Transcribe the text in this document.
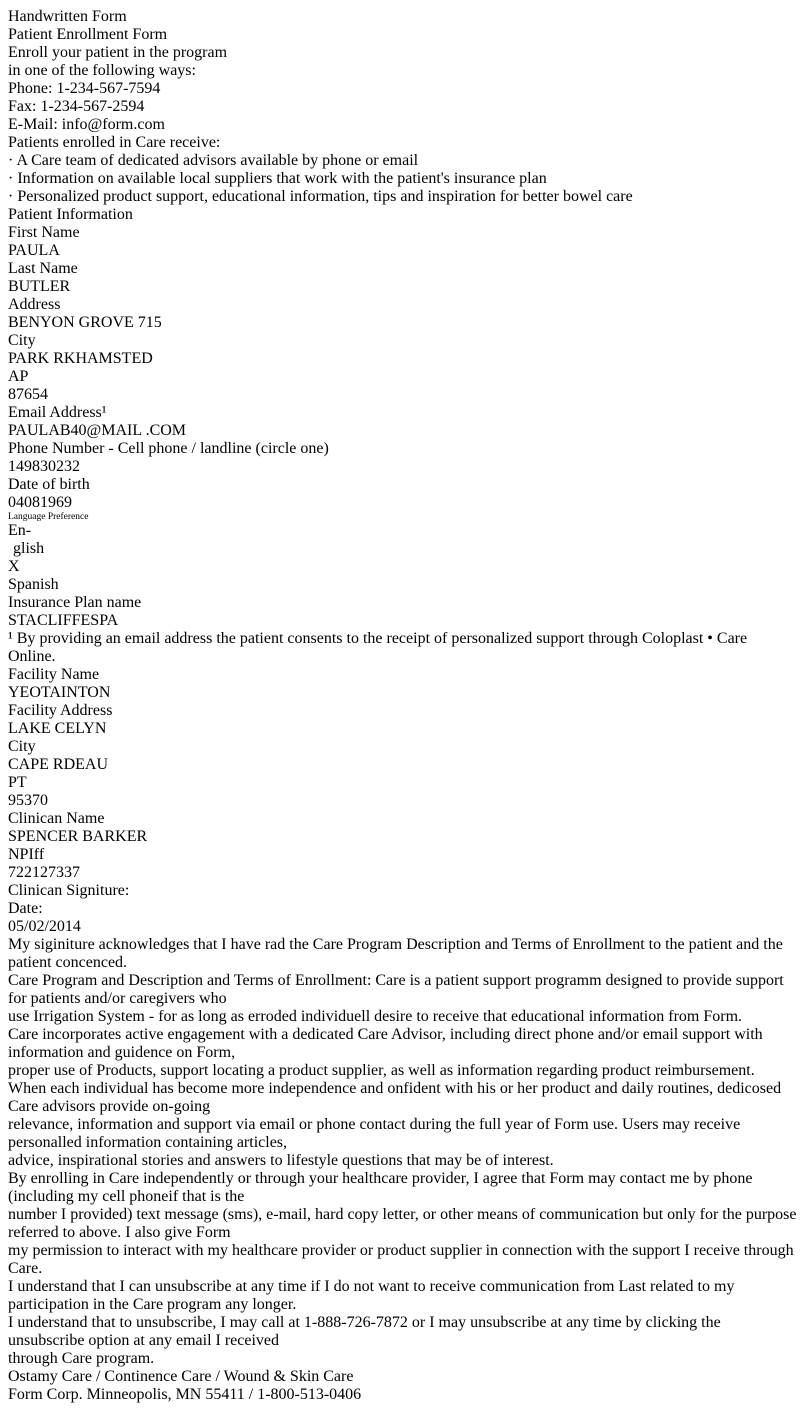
Handwritten Form
Patient Enrollment Form
Enroll your patient in the program
in one of the following ways:
Phone: 1-234-567-7594
Fax: 1-234-567-2594
E-Mail: info@form.com
Patients enrolled in Care receive:
· A Care team of dedicated advisors available by phone or email
· Information on available local suppliers that work with the patient's insurance plan
· Personalized product support, educational information, tips and inspiration for better bowel care
Patient Information
First Name
PAULA
Last Name
BUTLER
Address
BENYON GROVE 715
City
PARK RKHAMSTED
AP
87654
Email Address¹
PAULAB40@MAIL .COM
Phone Number - Cell phone / landline (circle one)
149830232
Date of birth
04081969
Language Preference
En-
glish
X
Spanish
Insurance Plan name
STACLIFFESPA
¹ By providing an email address the patient consents to the receipt of personalized support through Coloplast • Care Online.
Facility Name
YEOTAINTON
Facility Address
LAKE CELYN
City
CAPE RDEAU
PT
95370
Clinican Name
SPENCER BARKER
NPIff
722127337
Clinican Signiture:
Date:
05/02/2014
My siginiture acknowledges that I have rad the Care Program Description and Terms of Enrollment to the patient and the patient concenced.
Care Program and Description and Terms of Enrollment: Care is a patient support programm designed to provide support for patients and/or caregivers who
use Irrigation System - for as long as erroded individuell desire to receive that educational information from Form.
Care incorporates active engagement with a dedicated Care Advisor, including direct phone and/or email support with information and guidence on Form,
proper use of Products, support locating a product supplier, as well as information regarding product reimbursement.
When each individual has become more independence and onfident with his or her product and daily routines, dedicosed Care advisors provide on-going
relevance, information and support via email or phone contact during the full year of Form use. Users may receive personalled information containing articles,
advice, inspirational stories and answers to lifestyle questions that may be of interest.
By enrolling in Care independently or through your healthcare provider, I agree that Form may contact me by phone (including my cell phoneif that is the
number I provided) text message (sms), e-mail, hard copy letter, or other means of communication but only for the purpose referred to above. I also give Form
my permission to interact with my healthcare provider or product supplier in connection with the support I receive through Care.
I understand that I can unsubscribe at any time if I do not want to receive communication from Last related to my participation in the Care program any longer.
I understand that to unsubscribe, I may call at 1-888-726-7872 or I may unsubscribe at any time by clicking the unsubscribe option at any email I received
through Care program.
Ostamy Care / Continence Care / Wound & Skin Care
Form Corp. Minneopolis, MN 55411 / 1-800-513-0406
